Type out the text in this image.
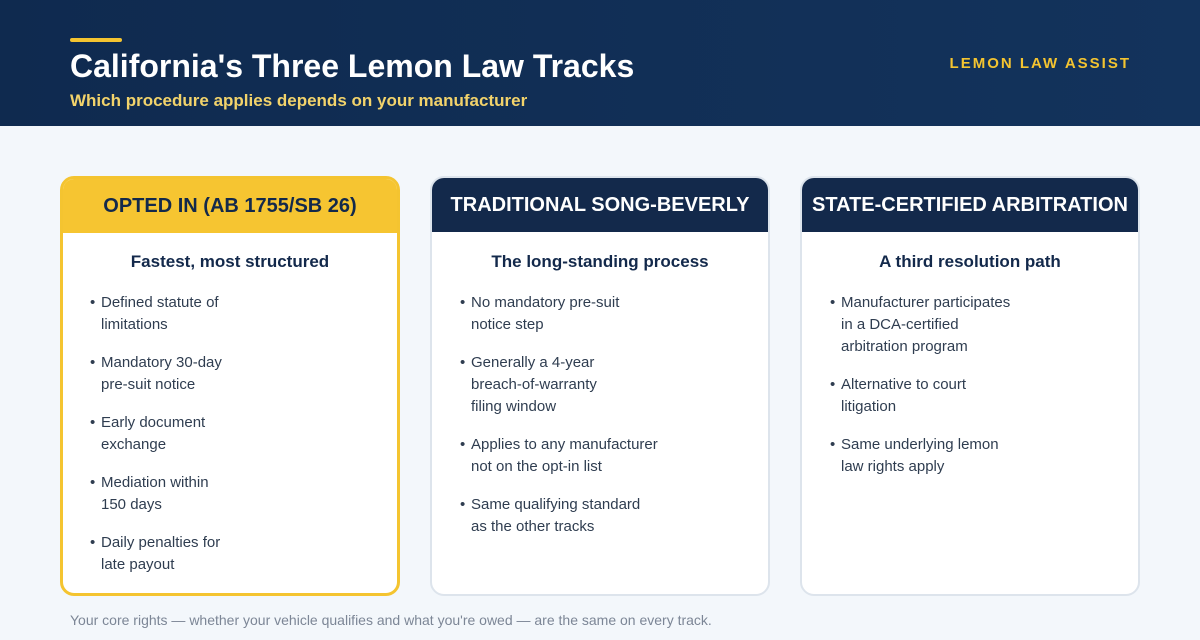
California's Three Lemon Law Tracks
Which procedure applies depends on your manufacturer
LEMON LAW ASSIST
OPTED IN (AB 1755/SB 26)
Fastest, most structured
• Defined statute of
limitations
• Mandatory 30-day
pre-suit notice
• Early document
exchange
• Mediation within
150 days
• Daily penalties for
late payout
TRADITIONAL SONG-BEVERLY
The long-standing process
• No mandatory pre-suit
notice step
• Generally a 4-year
breach-of-warranty
filing window
• Applies to any manufacturer
not on the opt-in list
• Same qualifying standard
as the other tracks
STATE-CERTIFIED ARBITRATION
A third resolution path
• Manufacturer participates
in a DCA-certified
arbitration program
• Alternative to court
litigation
• Same underlying lemon
law rights apply
Your core rights — whether your vehicle qualifies and what you're owed — are the same on every track.
